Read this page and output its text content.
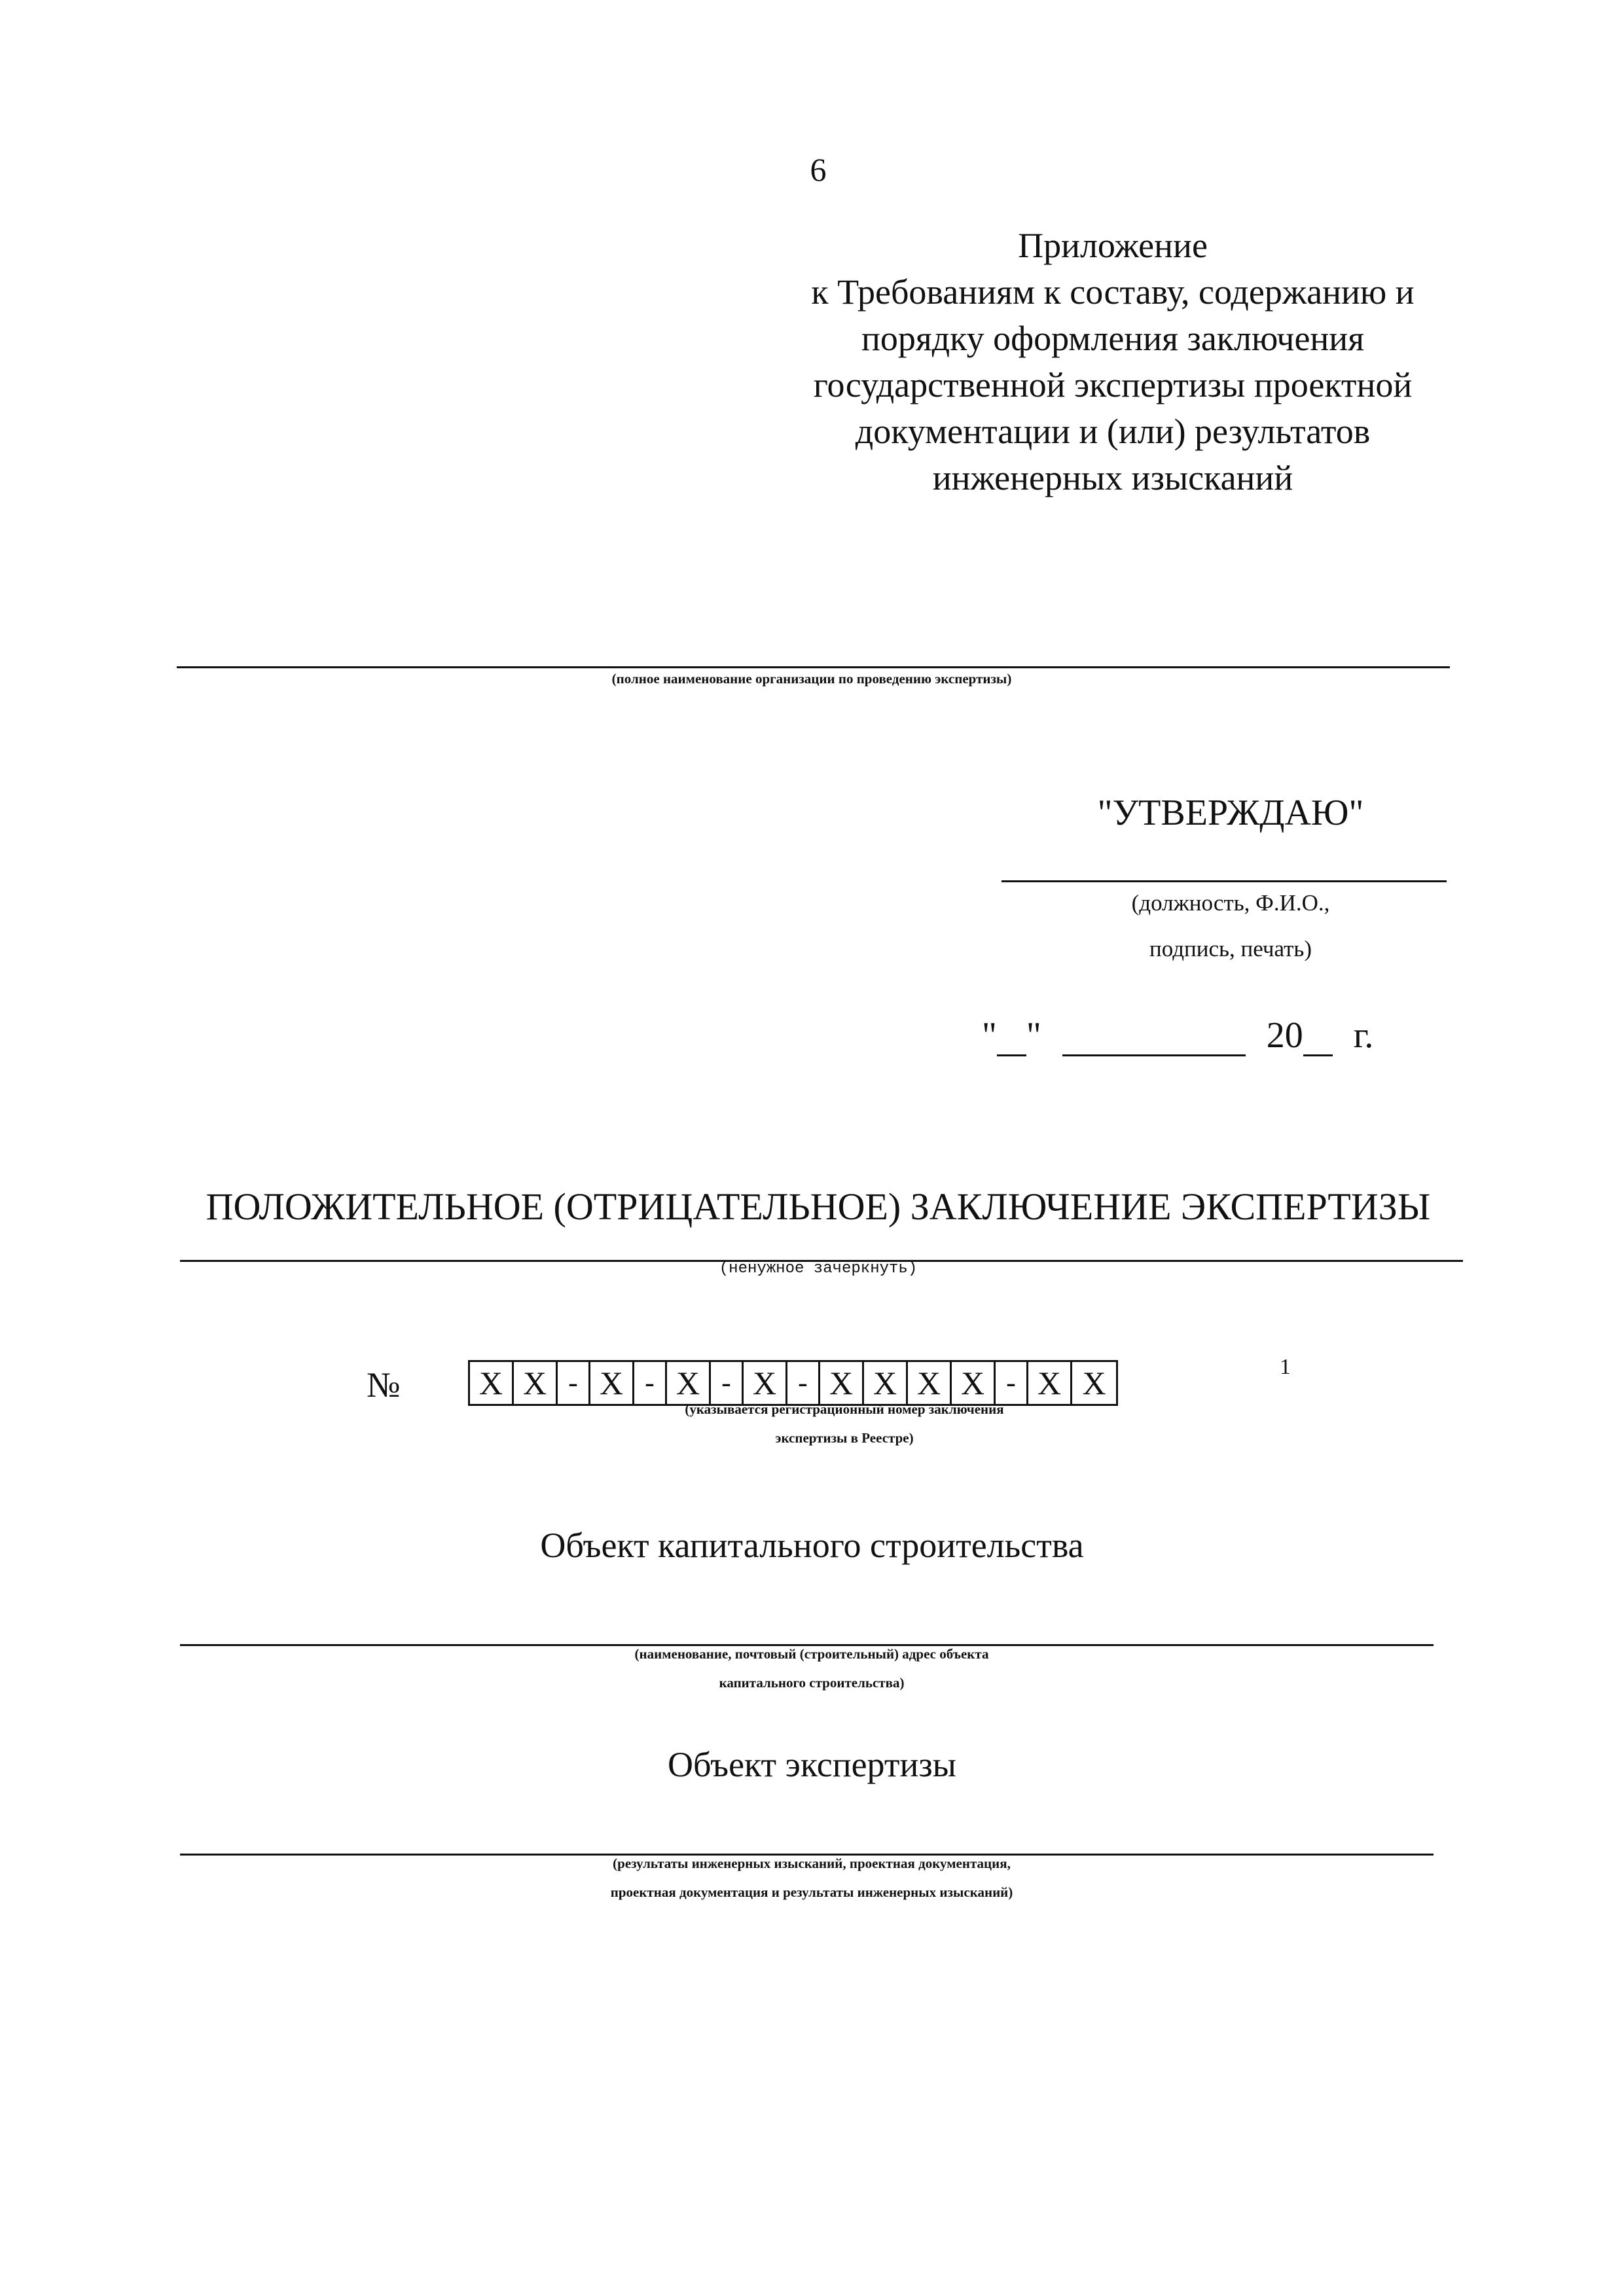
6
Приложение
к Требованиям к составу, содержанию и
порядку оформления заключения
государственной экспертизы проектной
документации и (или) результатов
инженерных изысканий
(полное наименование организации по проведению экспертизы)
"УТВЕРЖДАЮ"
(должность, Ф.И.О.,
подпись, печать)
" "	20 г.
ПОЛОЖИТЕЛЬНОЕ (ОТРИЦАТЕЛЬНОЕ) ЗАКЛЮЧЕНИЕ ЭКСПЕРТИЗЫ
(ненужное зачеркнуть)
№ X X - X - X - X - X X X X - X X	1
(указывается регистрационный номер заключения
экспертизы в Реестре)
Объект капитального строительства
(наименование, почтовый (строительный) адрес объекта
капитального строительства)
Объект экспертизы
(результаты инженерных изысканий, проектная документация,
проектная документация и результаты инженерных изысканий)
